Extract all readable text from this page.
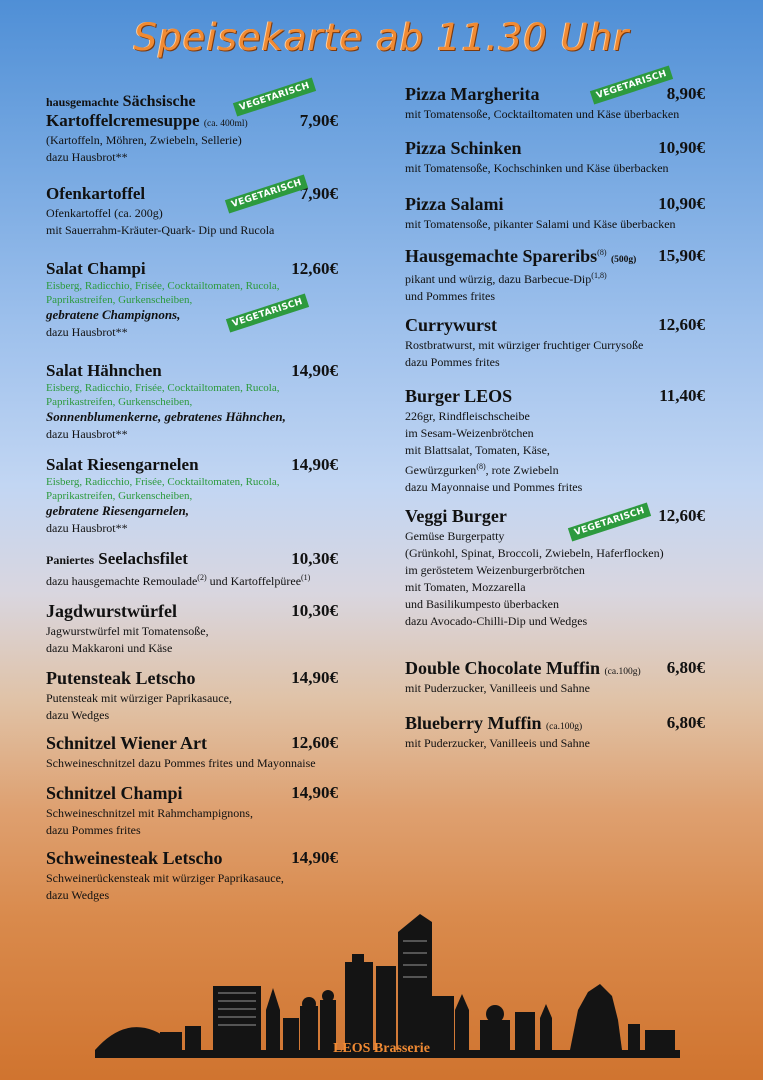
Speisekarte ab 11.30 Uhr
hausgemachte Sächsische
Kartoffelcremesuppe (ca. 400ml)	7,90€
(Kartoffeln, Möhren, Zwiebeln, Sellerie)
dazu Hausbrot**
VEGETARISCH
Ofenkartoffel	7,90€
Ofenkartoffel (ca. 200g)
mit Sauerrahm-Kräuter-Quark- Dip und Rucola
VEGETARISCH
Salat Champi	12,60€
Eisberg, Radicchio, Frisée, Cocktailtomaten, Rucola,
Paprikastreifen, Gurkenscheiben,
gebratene Champignons,
dazu Hausbrot**
VEGETARISCH
Salat Hähnchen	14,90€
Eisberg, Radicchio, Frisée, Cocktailtomaten, Rucola,
Paprikastreifen, Gurkenscheiben,
Sonnenblumenkerne, gebratenes Hähnchen,
dazu Hausbrot**
Salat Riesengarnelen	14,90€
Eisberg, Radicchio, Frisée, Cocktailtomaten, Rucola,
Paprikastreifen, Gurkenscheiben,
gebratene Riesengarnelen,
dazu Hausbrot**
Paniertes Seelachsfilet	10,30€
dazu hausgemachte Remoulade$^{(2)}$ und Kartoffelpüree$^{(1)}$
Jagdwurstwürfel	10,30€
Jagwurstwürfel mit Tomatensoße,
dazu Makkaroni und Käse
Putensteak Letscho	14,90€
Putensteak mit würziger Paprikasauce,
dazu Wedges
Schnitzel Wiener Art	12,60€
Schweineschnitzel dazu Pommes frites und Mayonnaise
Schnitzel Champi	14,90€
Schweineschnitzel mit Rahmchampignons,
dazu Pommes frites
Schweinesteak Letscho	14,90€
Schweinerückensteak mit würziger Paprikasauce,
dazu Wedges
Pizza Margherita	8,90€
mit Tomatensoße, Cocktailtomaten und Käse überbacken
VEGETARISCH
Pizza Schinken	10,90€
mit Tomatensoße, Kochschinken und Käse überbacken
Pizza Salami	10,90€
mit Tomatensoße, pikanter Salami und Käse überbacken
Hausgemachte Spareribs$^{(8)}$ (500g) 15,90€
pikant und würzig, dazu Barbecue-Dip$^{(1,8)}$
und Pommes frites
Currywurst	12,60€
Rostbratwurst, mit würziger fruchtiger Currysoße
dazu Pommes frites
Burger LEOS	11,40€
226gr, Rindfleischscheibe
im Sesam-Weizenbrötchen
mit Blattsalat, Tomaten, Käse,
Gewürzgurken$^{(8)}$, rote Zwiebeln
dazu Mayonnaise und Pommes frites
Veggi Burger	12,60€
Gemüse Burgerpatty
(Grünkohl, Spinat, Broccoli, Zwiebeln, Haferflocken)
im geröstetem Weizenburgerbrötchen
mit Tomaten, Mozzarella
und Basilikumpesto überbacken
dazu Avocado-Chilli-Dip und Wedges
VEGETARISCH
Double Chocolate Muffin (ca.100g) 6,80€
mit Puderzucker, Vanilleeis und Sahne
Blueberry Muffin (ca.100g)	6,80€
mit Puderzucker, Vanilleeis und Sahne
LEOS Brasserie
